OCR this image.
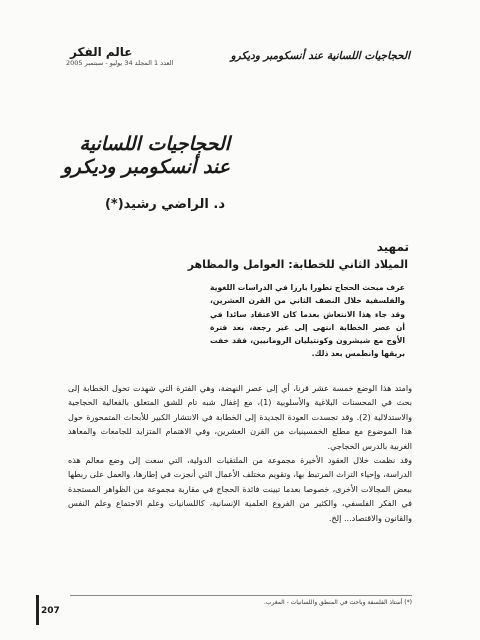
عالم الفكر
العدد 1 المجلد 34 يوليو - سبتمبر 2005
الحجاجيات اللسانية عند أنسكومبر وديكرو
الحجاجيات اللسانية
عند أنسكومبر وديكرو
د. الراضي رشيد(*)
تمهيد
الميلاد الثاني للخطابة: العوامل والمظاهر
عرف مبحث الحجاج تطورا بارزا في الدراسات اللغوية والفلسفية خلال النصف الثاني من القرن العشرين، وقد جاء هذا الانتعاش بعدما كان الاعتقاد سائدا في أن عصر الخطابة انتهى إلى غير رجعة، بعد فترة الأوج مع شيشرون وكونتيليان الرومانيين، فقد خفت بريقها وانطمس بعد ذلك.

وامتد هذا الوضع خمسة عشر قرنا، أي إلى عصر النهضة، وهي الفترة التي شهدت تحول الخطابة إلى بحث في المحسنات البلاغية والأسلوبية (1)، مع إغفال شبه تام للشق المتعلق بالفعالية الحجاجية والاستدلالية (2). وقد تجسدت العودة الجديدة إلى الخطابة في الانتشار الكبير للأبحاث المتمحورة حول هذا الموضوع مع مطلع الخمسينيات من القرن العشرين، وفي الاهتمام المتزايد للجامعات والمعاهد الغربية بالدرس الحجاجي.

وقد نظمت خلال العقود الأخيرة مجموعة من الملتقيات الدولية، التي سعت إلى وضع معالم هذه الدراسة، وإحياء التراث المرتبط بها، وتقويم مختلف الأعمال التي أنجزت في إطارها، والعمل على ربطها ببعض المجالات الأخرى، خصوصا بعدما تبينت فائدة الحجاج في مقاربة مجموعة من الظواهر المستجدة في الفكر الفلسفي، والكثير من الفروع العلمية الإنسانية، كاللسانيات وعلم الاجتماع وعلم النفس والقانون والاقتصاد... إلخ.

(*) أستاذ الفلسفة وباحث في المنطق واللسانيات - المغرب.
207
